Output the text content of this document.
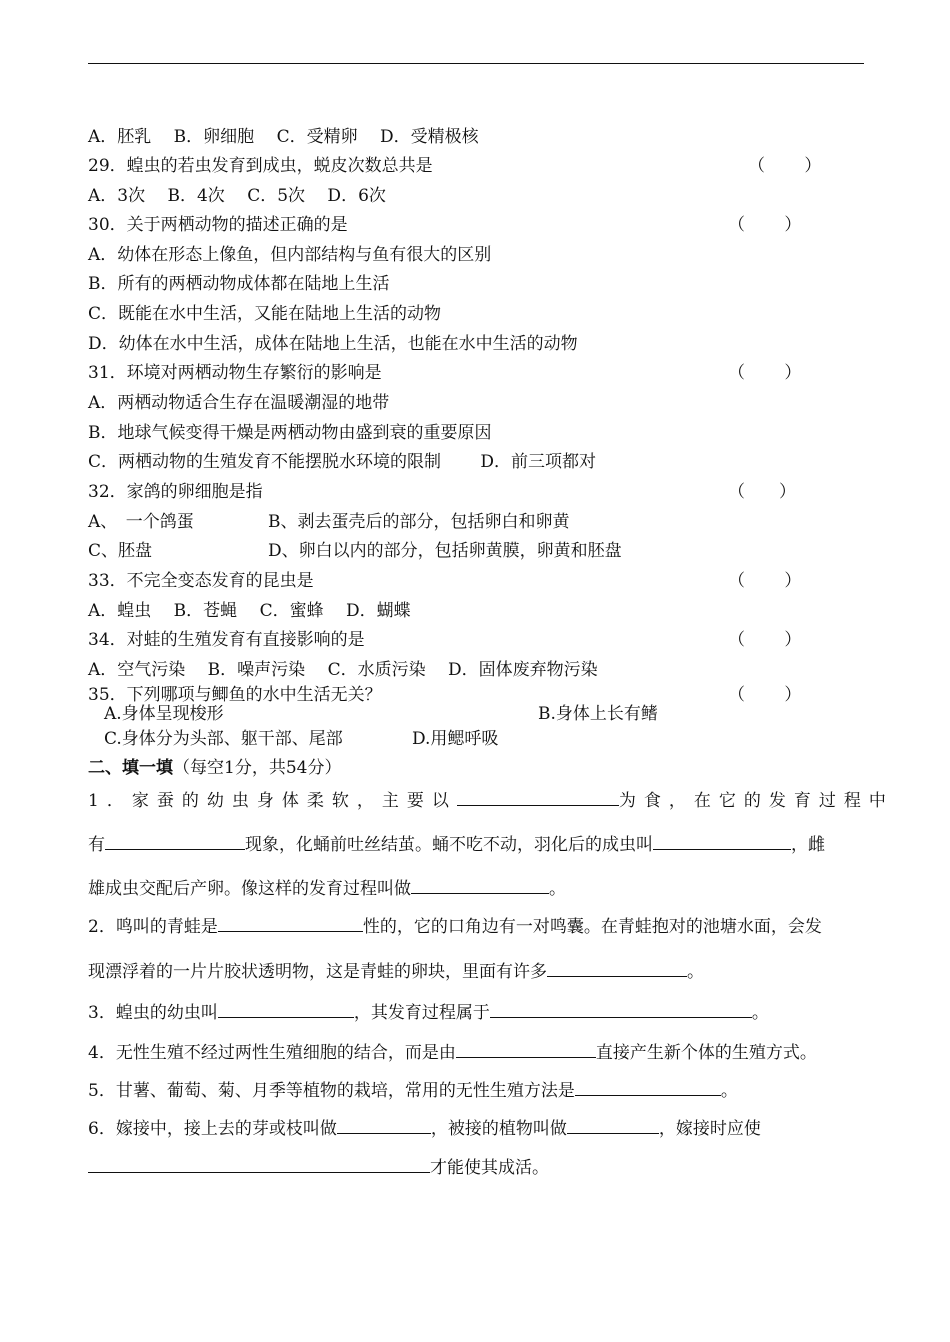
A．胚乳　 B．卵细胞　 C．受精卵　 D．受精极核
29．蝗虫的若虫发育到成虫，蜕皮次数总共是	（　　 ）
A．3次　 B．4次　 C．5次　 D．6次
30．关于两栖动物的描述正确的是	（　　 ）
A．幼体在形态上像鱼，但内部结构与鱼有很大的区别
B．所有的两栖动物成体都在陆地上生活
C．既能在水中生活，又能在陆地上生活的动物
D．幼体在水中生活，成体在陆地上生活，也能在水中生活的动物
31．环境对两栖动物生存繁衍的影响是	（　　 ）
A．两栖动物适合生存在温暖潮湿的地带
B．地球气候变得干燥是两栖动物由盛到衰的重要原因
C．两栖动物的生殖发育不能摆脱水环境的限制　　 D．前三项都对
32．家鸽的卵细胞是指	（　　）
A、　一个鸽蛋	B、剥去蛋壳后的部分，包括卵白和卵黄
C、胚盘	D、卵白以内的部分，包括卵黄膜，卵黄和胚盘
33．不完全变态发育的昆虫是	（　　 ）
A．蝗虫　 B．苍蝇　 C．蜜蜂　 D．蝴蝶
34．对蛙的生殖发育有直接影响的是	（　　 ）
A．空气污染　 B．噪声污染　 C．水质污染　 D．固体废弃物污染
35．下列哪项与鲫鱼的水中生活无关？	（　　 ）
A.身体呈现梭形	B.身体上长有鳍
C.身体分为头部、躯干部、尾部	D.用鳃呼吸
二、填一填（每空1分，共54分）
1．家蚕的幼虫身体柔软，主要以	为食，在它的发育过程中
有	现象，化蛹前吐丝结茧。蛹不吃不动，羽化后的成虫叫	，雌
雄成虫交配后产卵。像这样的发育过程叫做	。
2．鸣叫的青蛙是	性的，它的口角边有一对鸣囊。在青蛙抱对的池塘水面，会发
现漂浮着的一片片胶状透明物，这是青蛙的卵块，里面有许多	。
3．蝗虫的幼虫叫	，其发育过程属于	。
4．无性生殖不经过两性生殖细胞的结合，而是由	直接产生新个体的生殖方式。
5．甘薯、葡萄、菊、月季等植物的栽培，常用的无性生殖方法是	。
6．嫁接中，接上去的芽或枝叫做	，被接的植物叫做	，嫁接时应使
才能使其成活。
